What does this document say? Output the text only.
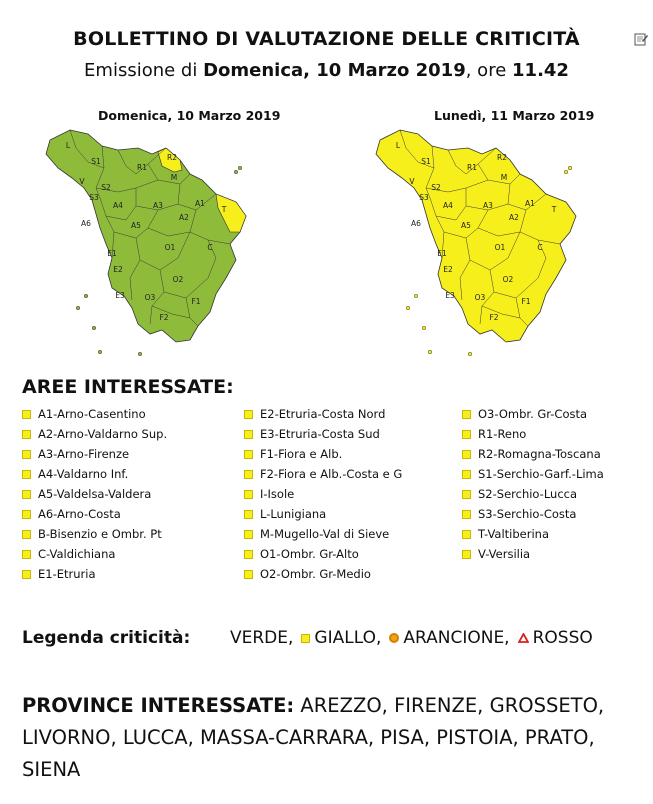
BOLLETTINO DI VALUTAZIONE DELLE CRITICITÀ
Emissione di Domenica, 10 Marzo 2019, ore 11.42
Domenica, 10 Marzo 2019
L
S1
R1
R2
M
V
S3
S2
A4	A3	A1
A2
T
A6	A5
O1	C
E1
O2
E2
F1
O3
E3
F2
Lunedì, 11 Marzo 2019
L
S1
R1
R2
M
V
S3
S2
A4	A3	A1
A2
T
A6	A5
O1	C
E1
O2
E2
F1
O3
E3
F2
AREE INTERESSATE:
A1-Arno-Casentino
A2-Arno-Valdarno Sup.
A3-Arno-Firenze
A4-Valdarno Inf.
A5-Valdelsa-Valdera
A6-Arno-Costa
B-Bisenzio e Ombr. Pt
C-Valdichiana
E1-Etruria
E2-Etruria-Costa Nord
E3-Etruria-Costa Sud
F1-Fiora e Alb.
F2-Fiora e Alb.-Costa e G
I-Isole
L-Lunigiana
M-Mugello-Val di Sieve
O1-Ombr. Gr-Alto
O2-Ombr. Gr-Medio
O3-Ombr. Gr-Costa
R1-Reno
R2-Romagna-Toscana
S1-Serchio-Garf.-Lima
S2-Serchio-Lucca
S3-Serchio-Costa
T-Valtiberina
V-Versilia
Legenda criticità:	VERDE, GIALLO, ARANCIONE, ROSSO
PROVINCE INTERESSATE: AREZZO, FIRENZE, GROSSETO, LIVORNO, LUCCA, MASSA-CARRARA, PISA, PISTOIA, PRATO, SIENA
